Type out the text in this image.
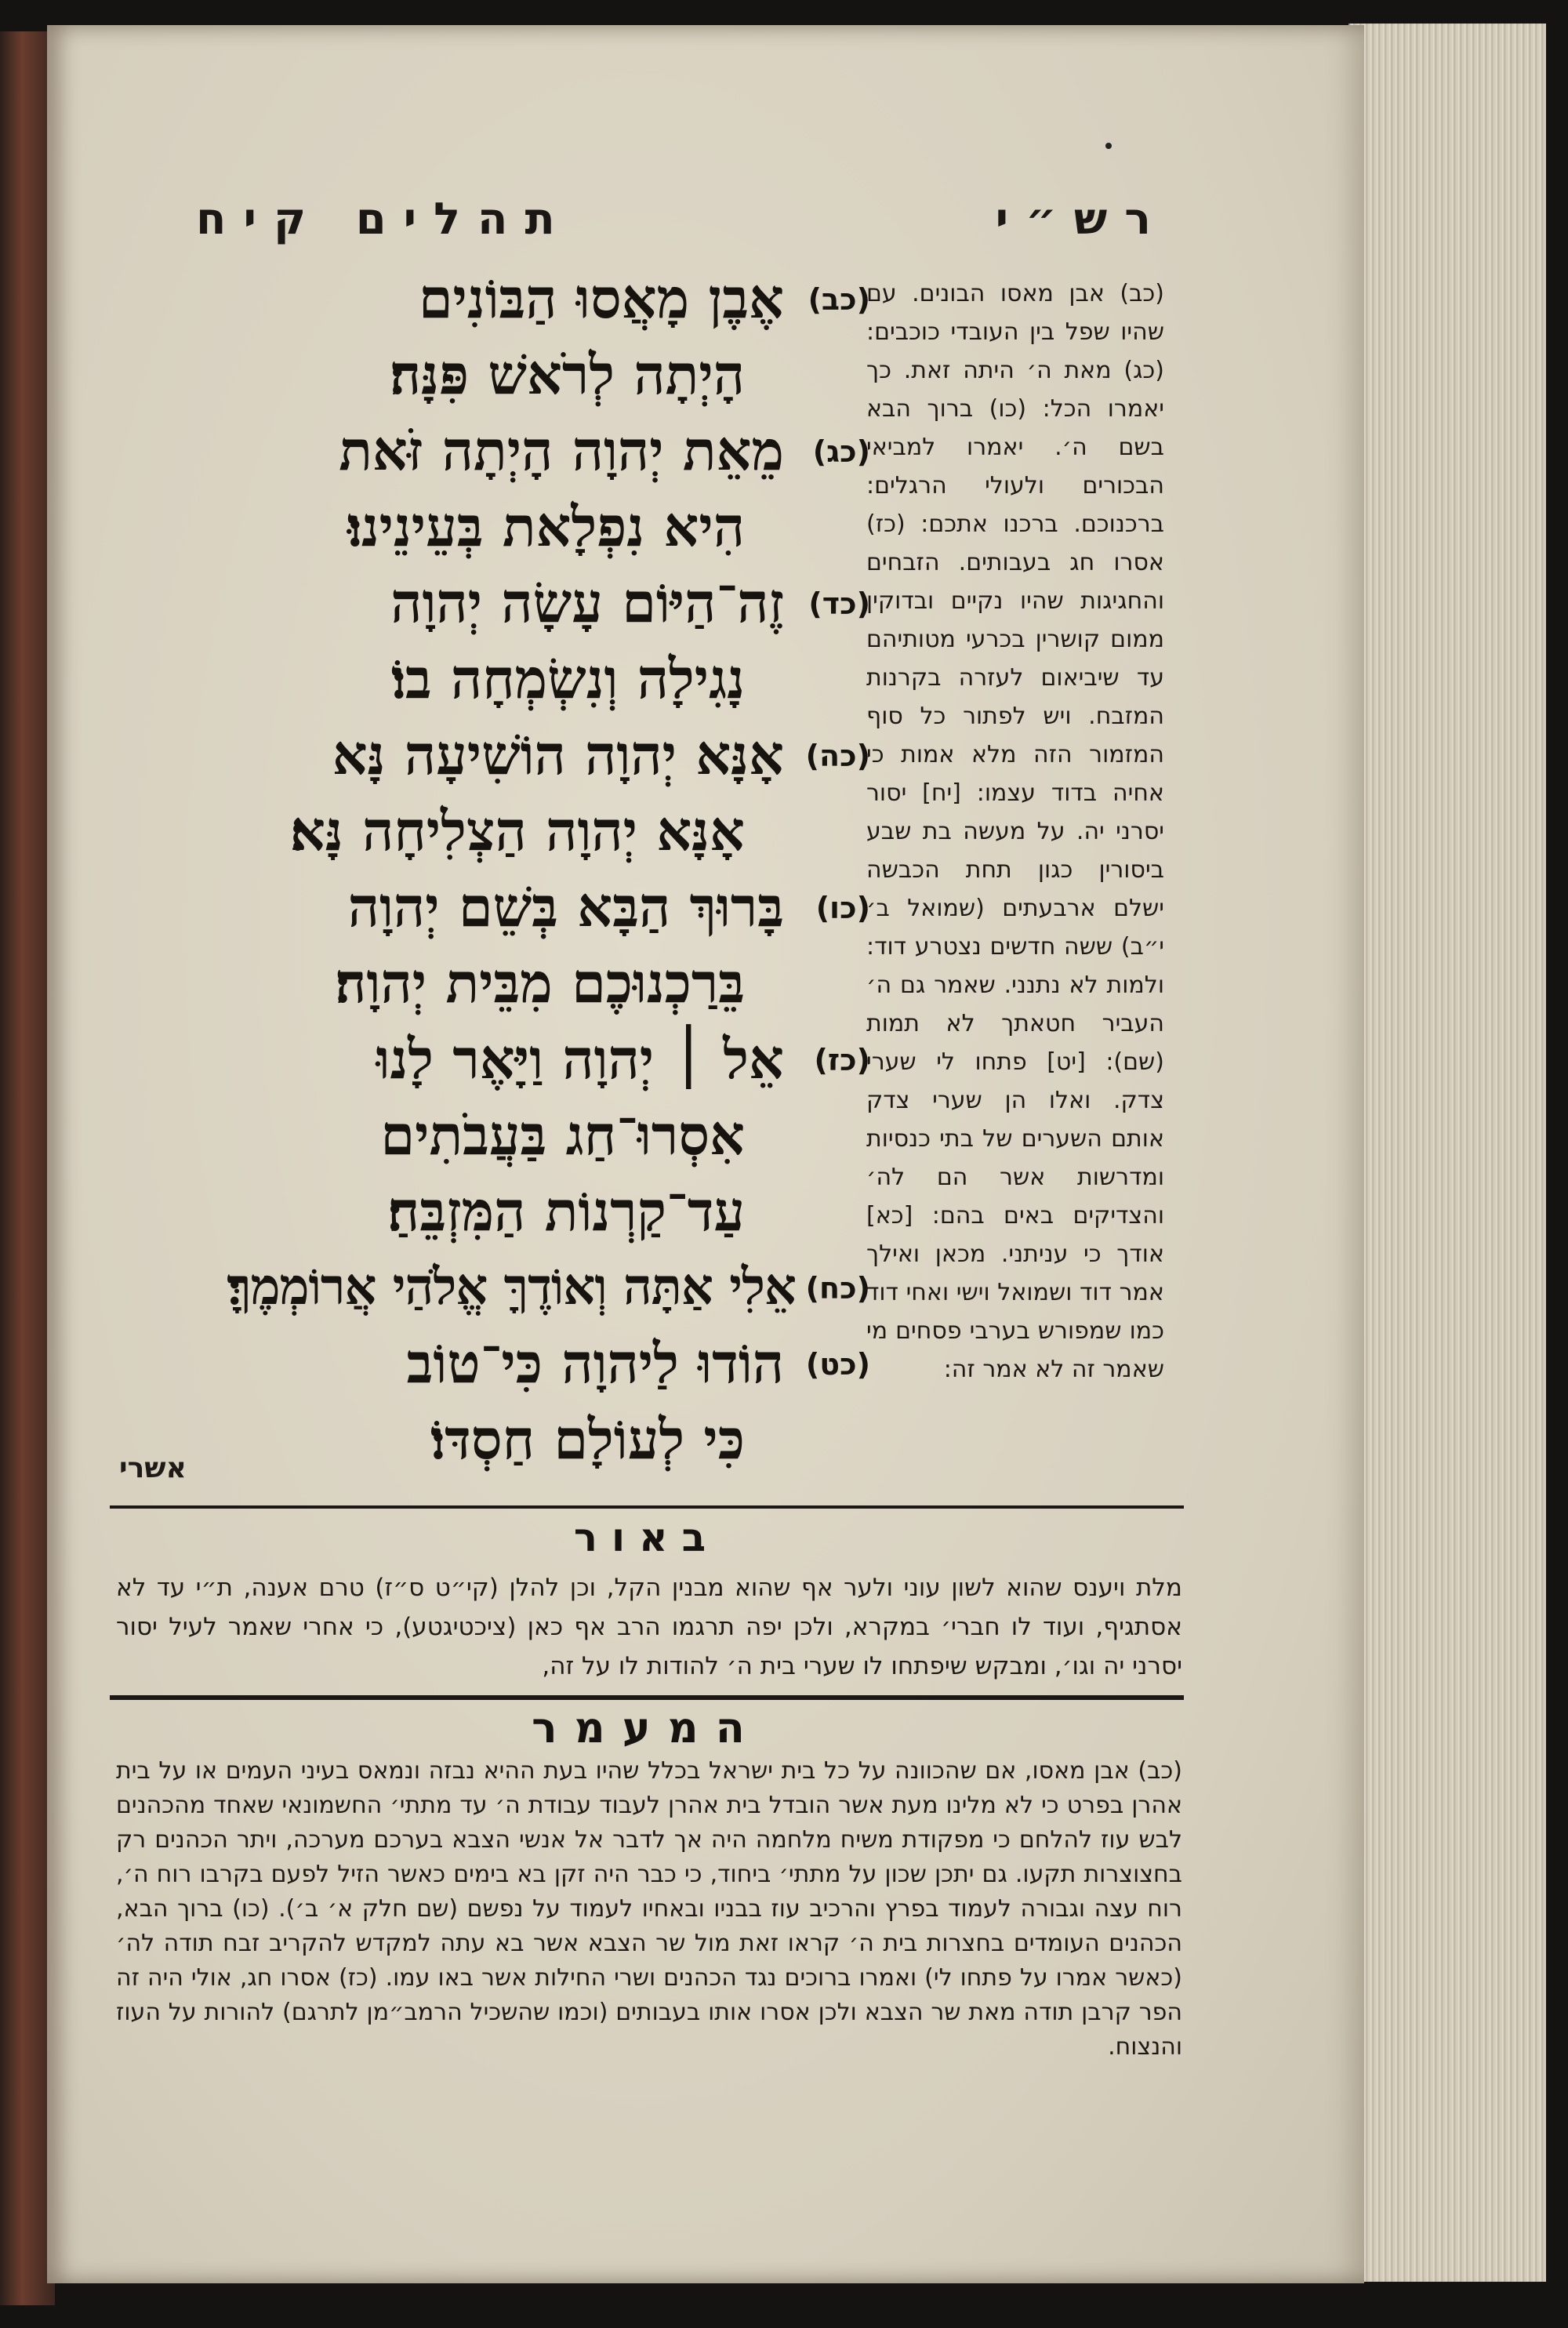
תהלים קיח	רש״י
(כב)
אֶבֶן מָאֲסוּ הַבּוֹנִים
הָיְתָה לְרֹאשׁ פִּנָּה׃
(כג)
מֵאֵת יְהוָה הָיְתָה זֹּאת
הִיא נִפְלָאת בְּעֵינֵינוּ׃
(כד)
זֶה־הַיּוֹם עָשָׂה יְהוָה
נָגִילָה וְנִשְׂמְחָה בוֹ׃
(כה)
אָנָּא יְהוָה הוֹשִׁיעָה נָּא
אָנָּא יְהוָה הַצְלִיחָה נָּא׃
(כו)
בָּרוּךְ הַבָּא בְּשֵׁם יְהוָה
בֵּרַכְנוּכֶם מִבֵּית יְהוָה׃
(כז)
אֵל ׀ יְהוָה וַיָּאֶר לָנוּ
אִסְרוּ־חַג בַּעֲבֹתִים
עַד־קַרְנוֹת הַמִּזְבֵּחַ׃
(כח)
אֵלִי אַתָּה וְאוֹדֶךָּ אֱלֹהַי אֲרוֹמְמֶךָּ׃
(כט)
הוֹדוּ לַיהוָה כִּי־טוֹב
כִּי לְעוֹלָם חַסְדּוֹ׃
אשרי
(כב) אבן מאסו הבונים. עם שהיו שפל בין העובדי כוכבים: (כג) מאת ה׳ היתה זאת. כך יאמרו הכל: (כו) ברוך הבא בשם ה׳. יאמרו למביאי הבכורים ולעולי הרגלים: ברכנוכם. ברכנו אתכם: (כז) אסרו חג בעבותים. הזבחים והחגיגות שהיו נקיים ובדוקין ממום קושרין בכרעי מטותיהם עד שיביאום לעזרה בקרנות המזבח. ויש לפתור כל סוף המזמור הזה מלא אמות כי אחיה בדוד עצמו: [יח] יסור יסרני יה. על מעשה בת שבע ביסורין כגון תחת הכבשה ישלם ארבעתים (שמואל ב׳ י״ב) ששה חדשים נצטרע דוד: ולמות לא נתנני. שאמר גם ה׳ העביר חטאתך לא תמות (שם): [יט] פתחו לי שערי צדק. ואלו הן שערי צדק אותם השערים של בתי כנסיות ומדרשות אשר הם לה׳ והצדיקים באים בהם: [כא] אודך כי עניתני. מכאן ואילך אמר דוד ושמואל וישי ואחי דוד כמו שמפורש בערבי פסחים מי שאמר זה לא אמר זה:
באור
מלת ויענס שהוא לשון עוני ולער אף שהוא מבנין הקל, וכן להלן (קי״ט ס״ז) טרם אענה, ת״י עד לא אסתגיף, ועוד לו חברי׳ במקרא, ולכן יפה תרגמו הרב אף כאן (ציכטיגטע), כי אחרי שאמר לעיל יסור יסרני יה וגו׳, ומבקש שיפתחו לו שערי בית ה׳ להודות לו על זה,
המעמר
(כב) אבן מאסו, אם שהכוונה על כל בית ישראל בכלל שהיו בעת ההיא נבזה ונמאס בעיני העמים או על בית אהרן בפרט כי לא מלינו מעת אשר הובדל בית אהרן לעבוד עבודת ה׳ עד מתתי׳ החשמונאי שאחד מהכהנים לבש עוז להלחם כי מפקודת משיח מלחמה היה אך לדבר אל אנשי הצבא בערכם מערכה, ויתר הכהנים רק בחצוצרות תקעו. גם יתכן שכון על מתתי׳ ביחוד, כי כבר היה זקן בא בימים כאשר הזיל לפעם בקרבו רוח ה׳, רוח עצה וגבורה לעמוד בפרץ והרכיב עוז בבניו ובאחיו לעמוד על נפשם (שם חלק א׳ ב׳). (כו) ברוך הבא, הכהנים העומדים בחצרות בית ה׳ קראו זאת מול שר הצבא אשר בא עתה למקדש להקריב זבח תודה לה׳ (כאשר אמרו על פתחו לי) ואמרו ברוכים נגד הכהנים ושרי החילות אשר באו עמו. (כז) אסרו חג, אולי היה זה הפר קרבן תודה מאת שר הצבא ולכן אסרו אותו בעבותים (וכמו שהשכיל הרמב״מן לתרגם) להורות על העוז והנצוח.
